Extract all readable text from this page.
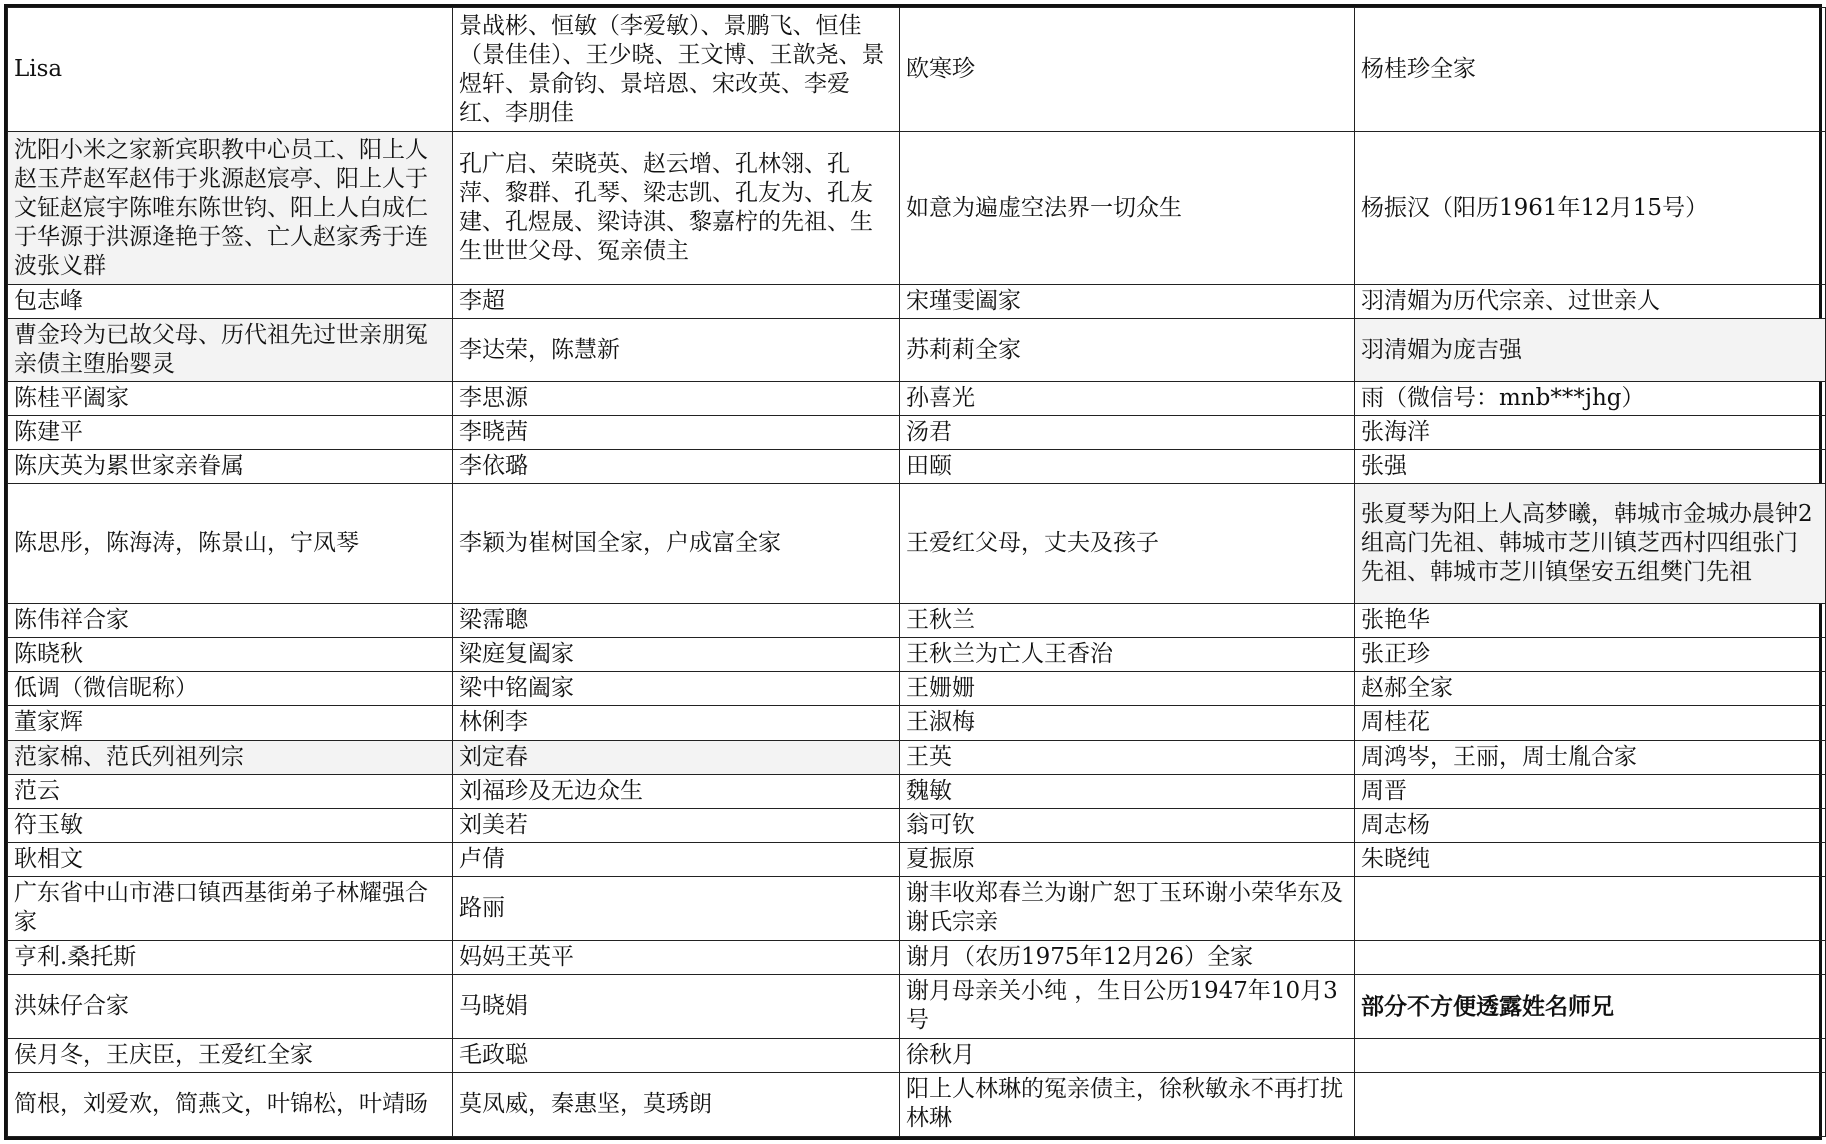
Lisa	景战彬、恒敏（李爱敏）、景鹏飞、恒佳（景佳佳）、王少晓、王文博、王歆尧、景煜轩、景俞钧、景培恩、宋改英、李爱红、李朋佳	欧寒珍	杨桂珍全家
沈阳小米之家新宾职教中心员工、阳上人赵玉芹赵军赵伟于兆源赵宸亭、阳上人于文钲赵宸宇陈唯东陈世钧、阳上人白成仁于华源于洪源逄艳于签、亡人赵家秀于连波张义群	孔广启、荣晓英、赵云增、孔林翎、孔萍、黎群、孔琴、梁志凯、孔友为、孔友建、孔煜晟、梁诗淇、黎嘉柠的先祖、生生世世父母、冤亲债主	如意为遍虚空法界一切众生	杨振汉（阳历1961年12月15号）
包志峰	李超	宋瑾雯阖家	羽清媚为历代宗亲、过世亲人
曹金玲为已故父母、历代祖先过世亲朋冤亲债主堕胎婴灵	李达荣，陈慧新	苏莉莉全家	羽清媚为庞吉强
陈桂平阖家	李思源	孙喜光	雨（微信号：mnb***jhg）
陈建平	李晓茜	汤君	张海洋
陈庆英为累世家亲眷属	李依璐	田颐	张强
陈思彤，陈海涛，陈景山，宁凤琴	李颖为崔树国全家，户成富全家	王爱红父母，丈夫及孩子	张夏琴为阳上人高梦曦，韩城市金城办晨钟2组高门先祖、韩城市芝川镇芝西村四组张门先祖、韩城市芝川镇堡安五组樊门先祖
陈伟祥合家	梁霈聰	王秋兰	张艳华
陈晓秋	梁庭复阖家	王秋兰为亡人王香治	张正珍
低调（微信昵称）	梁中铭阖家	王姗姗	赵郝全家
董家辉	林俐李	王淑梅	周桂花
范家棉、范氏列祖列宗	刘定春	王英	周鸿岑，王丽，周士胤合家
范云	刘福珍及无边众生	魏敏	周晋
符玉敏	刘美若	翁可钦	周志杨
耿相文	卢倩	夏振原	朱晓纯
广东省中山市港口镇西基街弟子林耀强合家	路丽	谢丰收郑春兰为谢广恕丁玉环谢小荣华东及谢氏宗亲	
亨利.桑托斯	妈妈王英平	谢月（农历1975年12月26）全家	
洪妹仔合家	马晓娟	谢月母亲关小纯 ，生日公历1947年10月3号	部分不方便透露姓名师兄
侯月冬，王庆臣，王爱红全家	毛政聪	徐秋月	
简根，刘爱欢，简燕文，叶锦松，叶靖旸	莫凤威，秦惠坚，莫琇朗	阳上人林琳的冤亲债主，徐秋敏永不再打扰林琳	
